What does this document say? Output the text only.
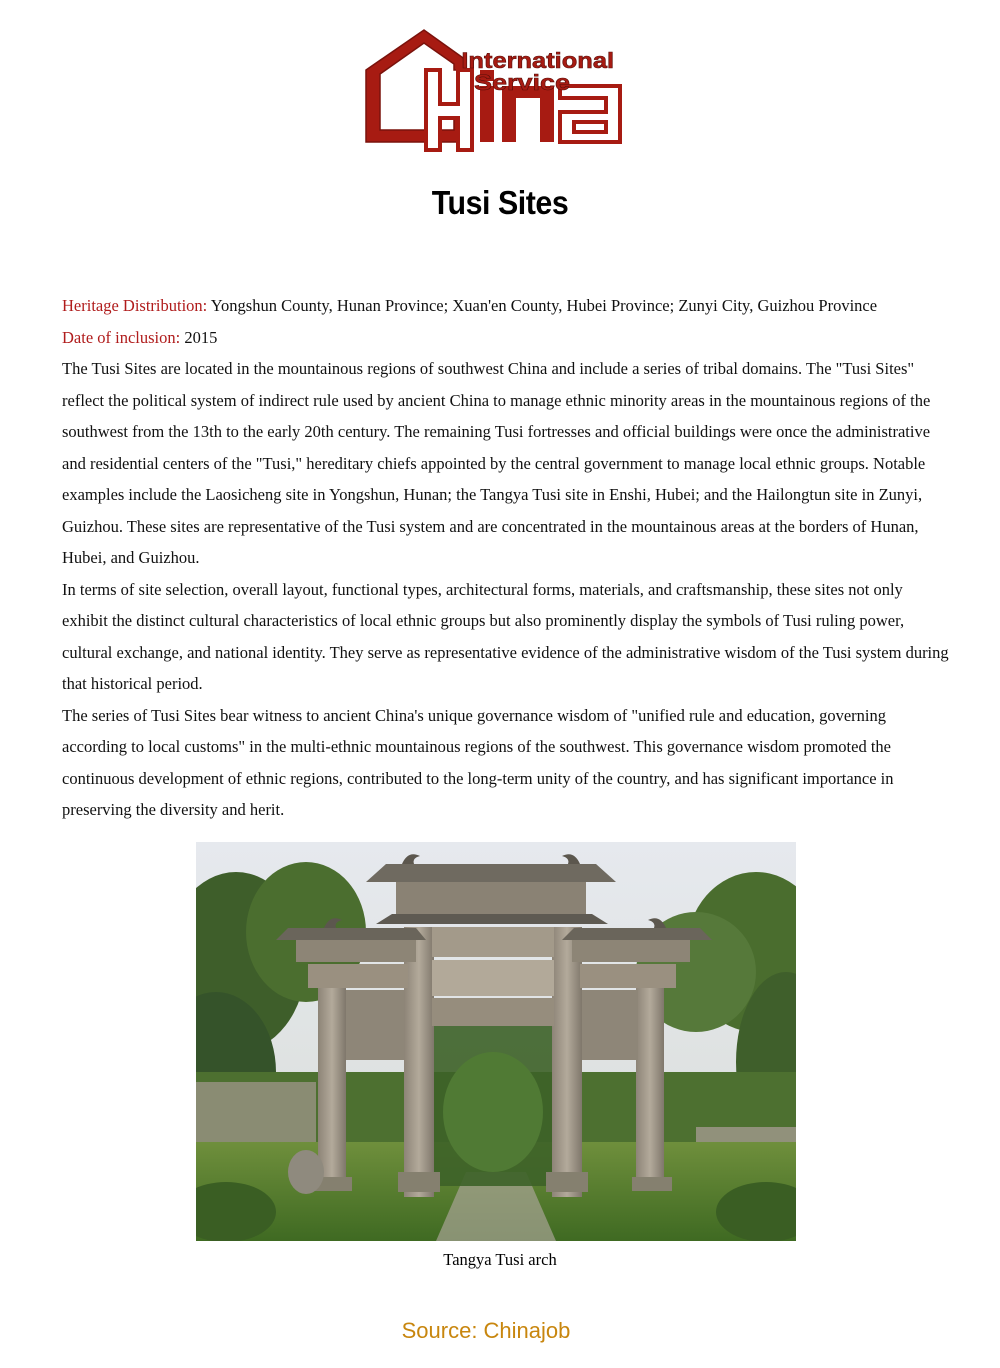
International
Service
China
Tusi Sites

Heritage Distribution: Yongshun County, Hunan Province; Xuan'en County, Hubei Province; Zunyi City, Guizhou Province

Date of inclusion: 2015

The Tusi Sites are located in the mountainous regions of southwest China and include a series of tribal domains. The "Tusi Sites" reflect the political system of indirect rule used by ancient China to manage ethnic minority areas in the mountainous regions of the southwest from the 13th to the early 20th century. The remaining Tusi fortresses and official buildings were once the administrative and residential centers of the "Tusi," hereditary chiefs appointed by the central government to manage local ethnic groups. Notable examples include the Laosicheng site in Yongshun, Hunan; the Tangya Tusi site in Enshi, Hubei; and the Hailongtun site in Zunyi, Guizhou. These sites are representative of the Tusi system and are concentrated in the mountainous areas at the borders of Hunan, Hubei, and Guizhou.

In terms of site selection, overall layout, functional types, architectural forms, materials, and craftsmanship, these sites not only exhibit the distinct cultural characteristics of local ethnic groups but also prominently display the symbols of Tusi ruling power, cultural exchange, and national identity. They serve as representative evidence of the administrative wisdom of the Tusi system during that historical period.

The series of Tusi Sites bear witness to ancient China's unique governance wisdom of "unified rule and education, governing according to local customs" in the multi-ethnic mountainous regions of the southwest. This governance wisdom promoted the continuous development of ethnic regions, contributed to the long-term unity of the country, and has significant importance in preserving the diversity and herit.

Tangya Tusi arch
Source: Chinajob
